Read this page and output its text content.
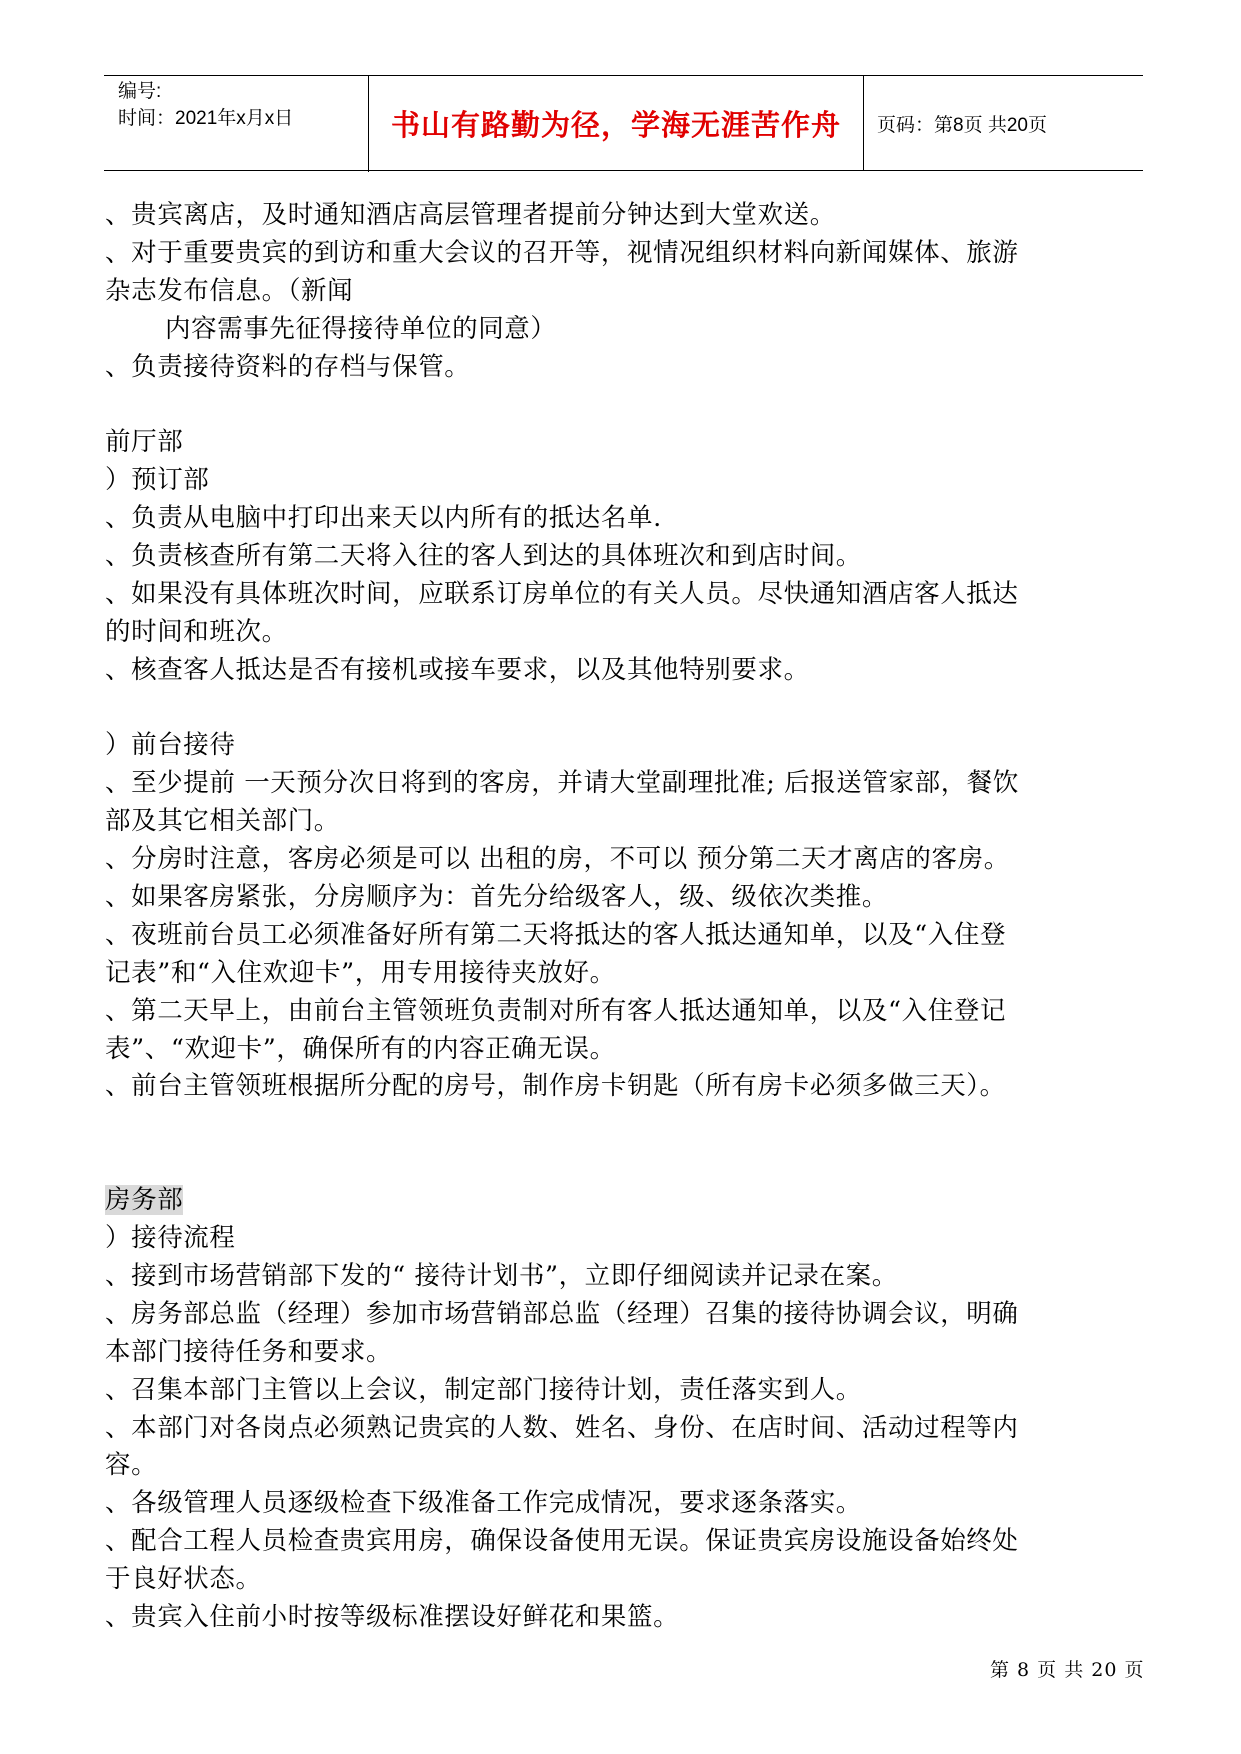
编号:
时间：2021年x月x日	书山有路勤为径，学海无涯苦作舟	页码：第8页 共20页
、贵宾离店，及时通知酒店高层管理者提前分钟达到大堂欢送。
、对于重要贵宾的到访和重大会议的召开等，视情况组织材料向新闻媒体、旅游
杂志发布信息。（新闻
内容需事先征得接待单位的同意）
、负责接待资料的存档与保管。
前厅部
）预订部
、负责从电脑中打印出来天以内所有的抵达名单.
、负责核查所有第二天将入往的客人到达的具体班次和到店时间。
、如果没有具体班次时间，应联系订房单位的有关人员。尽快通知酒店客人抵达
的时间和班次。
、核查客人抵达是否有接机或接车要求，以及其他特别要求。
）前台接待
、至少提前 一天预分次日将到的客房，并请大堂副理批准; 后报送管家部，餐饮
部及其它相关部门。
、分房时注意，客房必须是可以 出租的房，不可以 预分第二天才离店的客房。
、如果客房紧张，分房顺序为：首先分给级客人，级、级依次类推。
、夜班前台员工必须准备好所有第二天将抵达的客人抵达通知单，以及“入住登
记表”和“入住欢迎卡”，用专用接待夹放好。
、第二天早上，由前台主管领班负责制对所有客人抵达通知单，以及“入住登记
表”、“欢迎卡”，确保所有的内容正确无误。
、前台主管领班根据所分配的房号，制作房卡钥匙（所有房卡必须多做三天）。
房务部
）接待流程
、接到市场营销部下发的“ 接待计划书”，立即仔细阅读并记录在案。
、房务部总监（经理）参加市场营销部总监（经理）召集的接待协调会议，明确
本部门接待任务和要求。
、召集本部门主管以上会议，制定部门接待计划，责任落实到人。
、本部门对各岗点必须熟记贵宾的人数、姓名、身份、在店时间、活动过程等内
容。
、各级管理人员逐级检查下级准备工作完成情况，要求逐条落实。
、配合工程人员检查贵宾用房，确保设备使用无误。保证贵宾房设施设备始终处
于良好状态。
、贵宾入住前小时按等级标准摆设好鲜花和果篮。
第 8 页 共 20 页
